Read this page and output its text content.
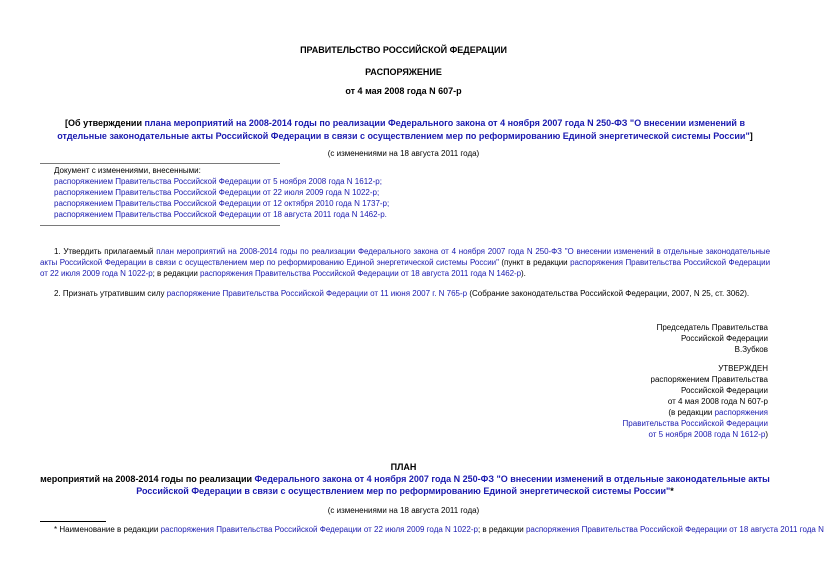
ПРАВИТЕЛЬСТВО РОССИЙСКОЙ ФЕДЕРАЦИИ
РАСПОРЯЖЕНИЕ
от 4 мая 2008 года N 607-р
[Об утверждении плана мероприятий на 2008-2014 годы по реализации Федерального закона от 4 ноября 2007 года N 250-ФЗ "О внесении изменений в отдельные законодательные акты Российской Федерации в связи с осуществлением мер по реформированию Единой энергетической системы России"]
(с изменениями на 18 августа 2011 года)
Документ с изменениями, внесенными:
распоряжением Правительства Российской Федерации от 5 ноября 2008 года N 1612-р;
распоряжением Правительства Российской Федерации от 22 июля 2009 года N 1022-р;
распоряжением Правительства Российской Федерации от 12 октября 2010 года N 1737-р;
распоряжением Правительства Российской Федерации от 18 августа 2011 года N 1462-р.
1. Утвердить прилагаемый план мероприятий на 2008-2014 годы по реализации Федерального закона от 4 ноября 2007 года N 250-ФЗ "О внесении изменений в отдельные законодательные акты Российской Федерации в связи с осуществлением мер по реформированию Единой энергетической системы России" (пункт в редакции распоряжения Правительства Российской Федерации от 22 июля 2009 года N 1022-р; в редакции распоряжения Правительства Российской Федерации от 18 августа 2011 года N 1462-р).
2. Признать утратившим силу распоряжение Правительства Российской Федерации от 11 июня 2007 г. N 765-р (Собрание законодательства Российской Федерации, 2007, N 25, ст. 3062).
Председатель Правительства
Российской Федерации
В.Зубков
УТВЕРЖДЕН
распоряжением Правительства
Российской Федерации
от 4 мая 2008 года N 607-р
(в редакции распоряжения
Правительства Российской Федерации
от 5 ноября 2008 года N 1612-р)
ПЛАН
мероприятий на 2008-2014 годы по реализации Федерального закона от 4 ноября 2007 года N 250-ФЗ "О внесении изменений в отдельные законодательные акты Российской Федерации в связи с осуществлением мер по реформированию Единой энергетической системы России"*
(с изменениями на 18 августа 2011 года)
* Наименование в редакции распоряжения Правительства Российской Федерации от 22 июля 2009 года N 1022-р; в редакции распоряжения Правительства Российской Федерации от 18 августа 2011 года N
